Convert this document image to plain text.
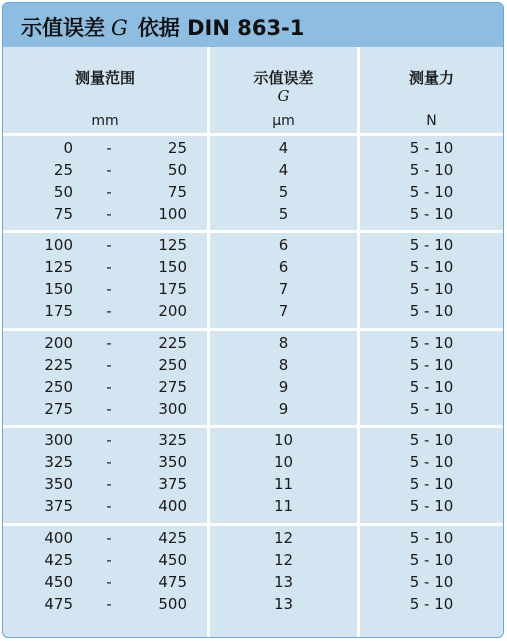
示值误差 G 依据 DIN 863-1
测量范围
mm
示值误差
G
µm
测量力
N
0	-	25	4	5 - 10
25	-	50	4	5 - 10
50	-	75	5	5 - 10
75	-	100	5	5 - 10
100	-	125	6	5 - 10
125	-	150	6	5 - 10
150	-	175	7	5 - 10
175	-	200	7	5 - 10
200	-	225	8	5 - 10
225	-	250	8	5 - 10
250	-	275	9	5 - 10
275	-	300	9	5 - 10
300	-	325	10	5 - 10
325	-	350	10	5 - 10
350	-	375	11	5 - 10
375	-	400	11	5 - 10
400	-	425	12	5 - 10
425	-	450	12	5 - 10
450	-	475	13	5 - 10
475	-	500	13	5 - 10
